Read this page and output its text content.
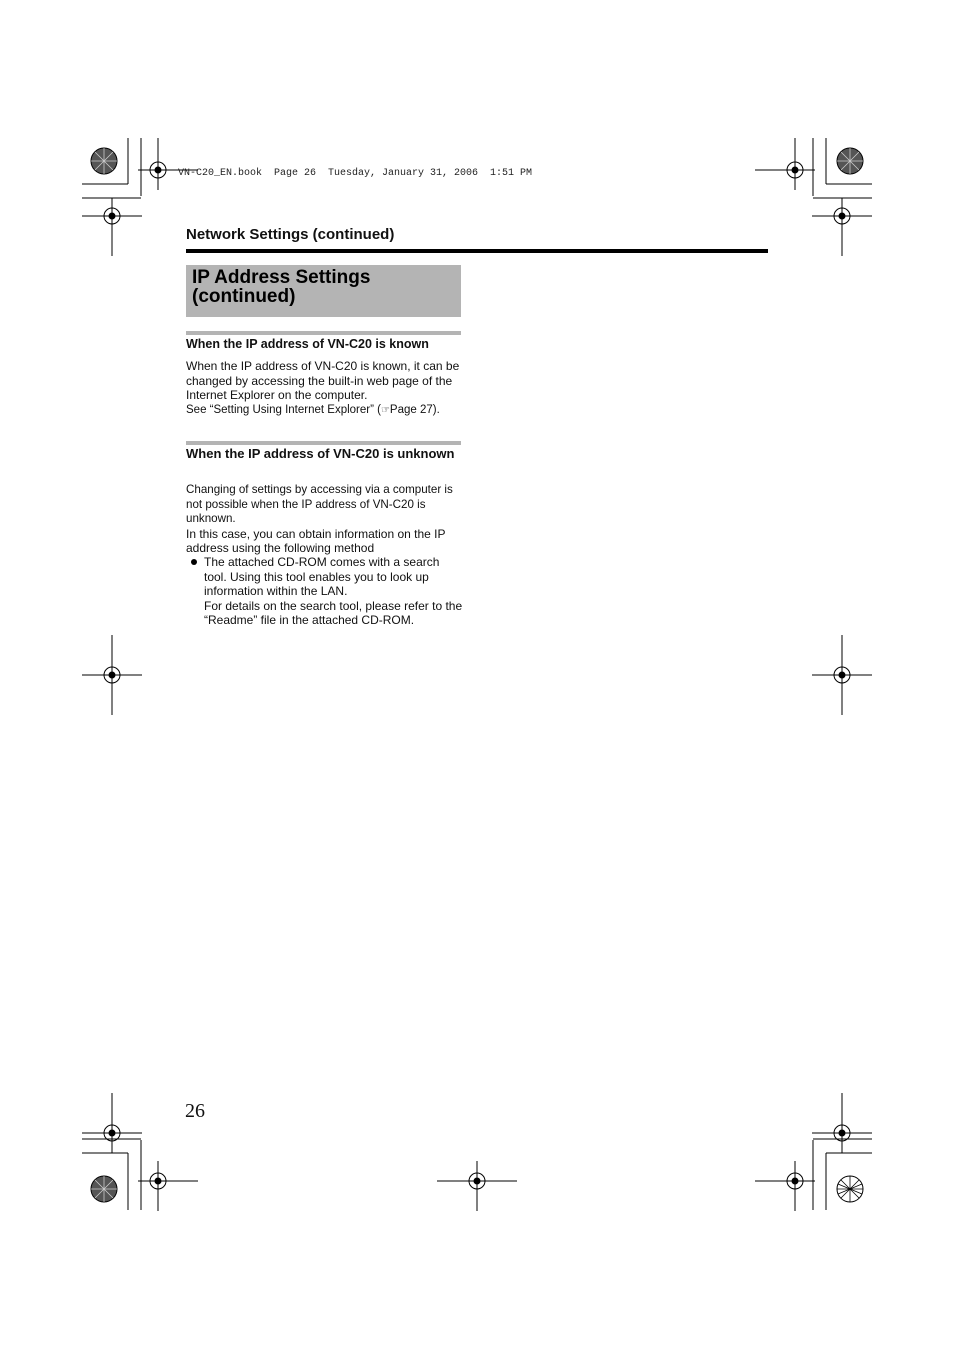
VN-C20_EN.book  Page 26  Tuesday, January 31, 2006  1:51 PM
Network Settings (continued)
IP Address Settings (continued)
When the IP address of VN-C20 is known

When the IP address of VN-C20 is known, it can be changed by accessing the built-in web page of the Internet Explorer on the computer.

See “Setting Using Internet Explorer” (☞Page 27).

When the IP address of VN-C20 is unknown

Changing of settings by accessing via a computer is not possible when the IP address of VN-C20 is unknown.

In this case, you can obtain information on the IP address using the following method

The attached CD-ROM comes with a search tool. Using this tool enables you to look up information within the LAN.

For details on the search tool, please refer to the “Readme” file in the attached CD-ROM.

26
